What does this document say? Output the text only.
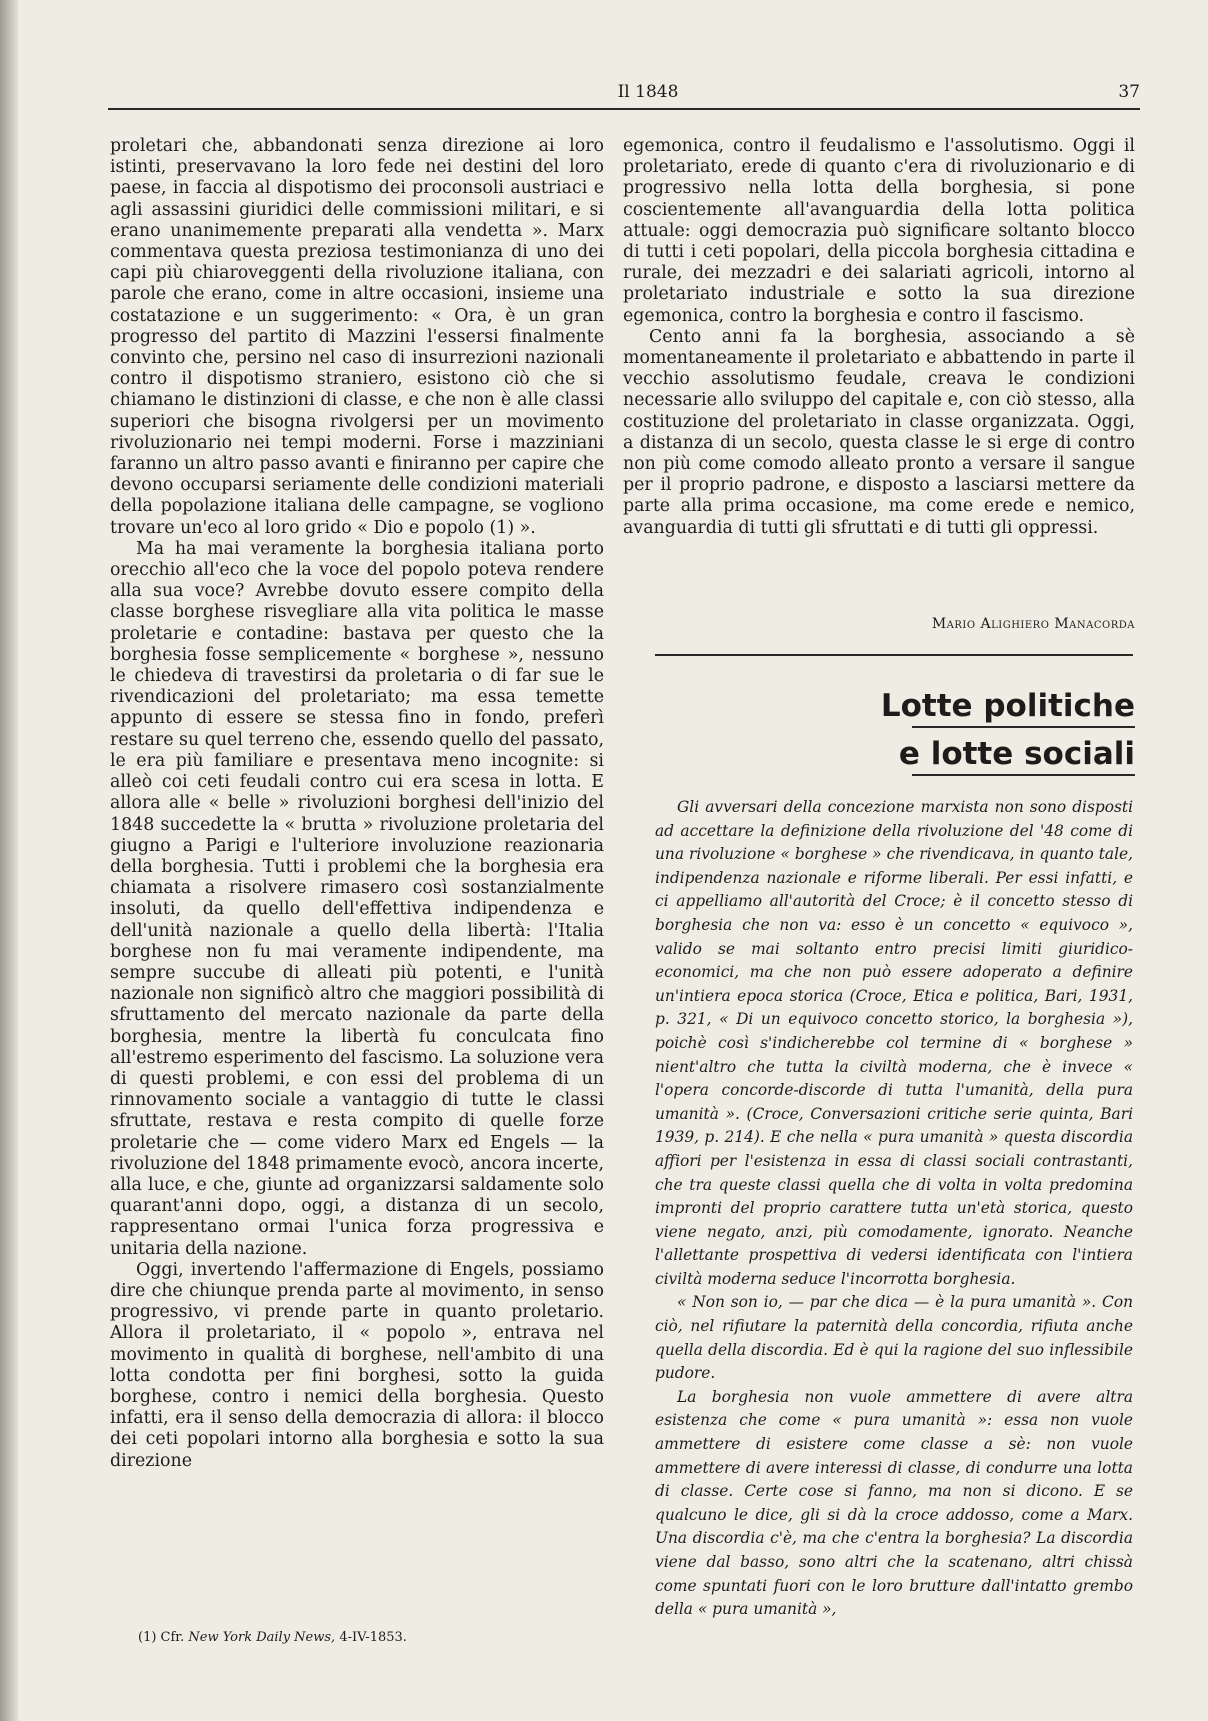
Il 1848	37

proletari che, abbandonati senza direzione ai loro istinti, preservavano la loro fede nei destini del loro paese, in faccia al dispotismo dei proconsoli austriaci e agli assassini giuridici delle commissioni militari, e si erano unanimemente preparati alla vendetta ». Marx commentava questa preziosa testimonianza di uno dei capi più chiaroveggenti della rivoluzione italiana, con parole che erano, come in altre occasioni, insieme una costatazione e un suggerimento: « Ora, è un gran progresso del partito di Mazzini l'essersi finalmente convinto che, persino nel caso di insurrezioni nazionali contro il dispotismo straniero, esistono ciò che si chiamano le distinzioni di classe, e che non è alle classi superiori che bisogna rivolgersi per un movimento rivoluzionario nei tempi moderni. Forse i mazziniani faranno un altro passo avanti e finiranno per capire che devono occuparsi seriamente delle condizioni materiali della popolazione italiana delle campagne, se vogliono trovare un'eco al loro grido « Dio e popolo (1) ».

Ma ha mai veramente la borghesia italiana porto orecchio all'eco che la voce del popolo poteva rendere alla sua voce? Avrebbe dovuto essere compito della classe borghese risvegliare alla vita politica le masse proletarie e contadine: bastava per questo che la borghesia fosse semplicemente « borghese », nessuno le chiedeva di travestirsi da proletaria o di far sue le rivendicazioni del proletariato; ma essa temette appunto di essere se stessa fino in fondo, preferì restare su quel terreno che, essendo quello del passato, le era più familiare e presentava meno incognite: si alleò coi ceti feudali contro cui era scesa in lotta. E allora alle « belle » rivoluzioni borghesi dell'inizio del 1848 succedette la « brutta » rivoluzione proletaria del giugno a Parigi e l'ulteriore involuzione reazionaria della borghesia. Tutti i problemi che la borghesia era chiamata a risolvere rimasero così sostanzialmente insoluti, da quello dell'effettiva indipendenza e dell'unità nazionale a quello della libertà: l'Italia borghese non fu mai veramente indipendente, ma sempre succube di alleati più potenti, e l'unità nazionale non significò altro che maggiori possibilità di sfruttamento del mercato nazionale da parte della borghesia, mentre la libertà fu conculcata fino all'estremo esperimento del fascismo. La soluzione vera di questi problemi, e con essi del problema di un rinnovamento sociale a vantaggio di tutte le classi sfruttate, restava e resta compito di quelle forze proletarie che — come videro Marx ed Engels — la rivoluzione del 1848 primamente evocò, ancora incerte, alla luce, e che, giunte ad organizzarsi saldamente solo quarant'anni dopo, oggi, a distanza di un secolo, rappresentano ormai l'unica forza progressiva e unitaria della nazione.

Oggi, invertendo l'affermazione di Engels, possiamo dire che chiunque prenda parte al movimento, in senso progressivo, vi prende parte in quanto proletario. Allora il proletariato, il « popolo », entrava nel movimento in qualità di borghese, nell'ambito di una lotta condotta per fini borghesi, sotto la guida borghese, contro i nemici della borghesia. Questo infatti, era il senso della democrazia di allora: il blocco dei ceti popolari intorno alla borghesia e sotto la sua direzione

egemonica, contro il feudalismo e l'assolutismo. Oggi il proletariato, erede di quanto c'era di rivoluzionario e di progressivo nella lotta della borghesia, si pone coscientemente all'avanguardia della lotta politica attuale: oggi democrazia può significare soltanto blocco di tutti i ceti popolari, della piccola borghesia cittadina e rurale, dei mezzadri e dei salariati agricoli, intorno al proletariato industriale e sotto la sua direzione egemonica, contro la borghesia e contro il fascismo.

Cento anni fa la borghesia, associando a sè momentaneamente il proletariato e abbattendo in parte il vecchio assolutismo feudale, creava le condizioni necessarie allo sviluppo del capitale e, con ciò stesso, alla costituzione del proletariato in classe organizzata. Oggi, a distanza di un secolo, questa classe le si erge di contro non più come comodo alleato pronto a versare il sangue per il proprio padrone, e disposto a lasciarsi mettere da parte alla prima occasione, ma come erede e nemico, avanguardia di tutti gli sfruttati e di tutti gli oppressi.

Mario Alighiero Manacorda
Lotte politiche
e lotte sociali

Gli avversari della concezione marxista non sono disposti ad accettare la definizione della rivoluzione del '48 come di una rivoluzione « borghese » che rivendicava, in quanto tale, indipendenza nazionale e riforme liberali. Per essi infatti, e ci appelliamo all'autorità del Croce; è il concetto stesso di borghesia che non va: esso è un concetto « equivoco », valido se mai soltanto entro precisi limiti giuridico-economici, ma che non può essere adoperato a definire un'intiera epoca storica (Croce, Etica e politica, Bari, 1931, p. 321, « Di un equivoco concetto storico, la borghesia »), poichè così s'indicherebbe col termine di « borghese » nient'altro che tutta la civiltà moderna, che è invece « l'opera concorde-discorde di tutta l'umanità, della pura umanità ». (Croce, Conversazioni critiche serie quinta, Bari 1939, p. 214). E che nella « pura umanità » questa discordia affiori per l'esistenza in essa di classi sociali contrastanti, che tra queste classi quella che di volta in volta predomina impronti del proprio carattere tutta un'età storica, questo viene negato, anzi, più comodamente, ignorato. Neanche l'allettante prospettiva di vedersi identificata con l'intiera civiltà moderna seduce l'incorrotta borghesia.

« Non son io, — par che dica — è la pura umanità ». Con ciò, nel rifiutare la paternità della concordia, rifiuta anche quella della discordia. Ed è qui la ragione del suo inflessibile pudore.

La borghesia non vuole ammettere di avere altra esistenza che come « pura umanità »: essa non vuole ammettere di esistere come classe a sè: non vuole ammettere di avere interessi di classe, di condurre una lotta di classe. Certe cose si fanno, ma non si dicono. E se qualcuno le dice, gli si dà la croce addosso, come a Marx. Una discordia c'è, ma che c'entra la borghesia? La discordia viene dal basso, sono altri che la scatenano, altri chissà come spuntati fuori con le loro brutture dall'intatto grembo della « pura umanità »,

(1) Cfr. New York Daily News, 4-IV-1853.
